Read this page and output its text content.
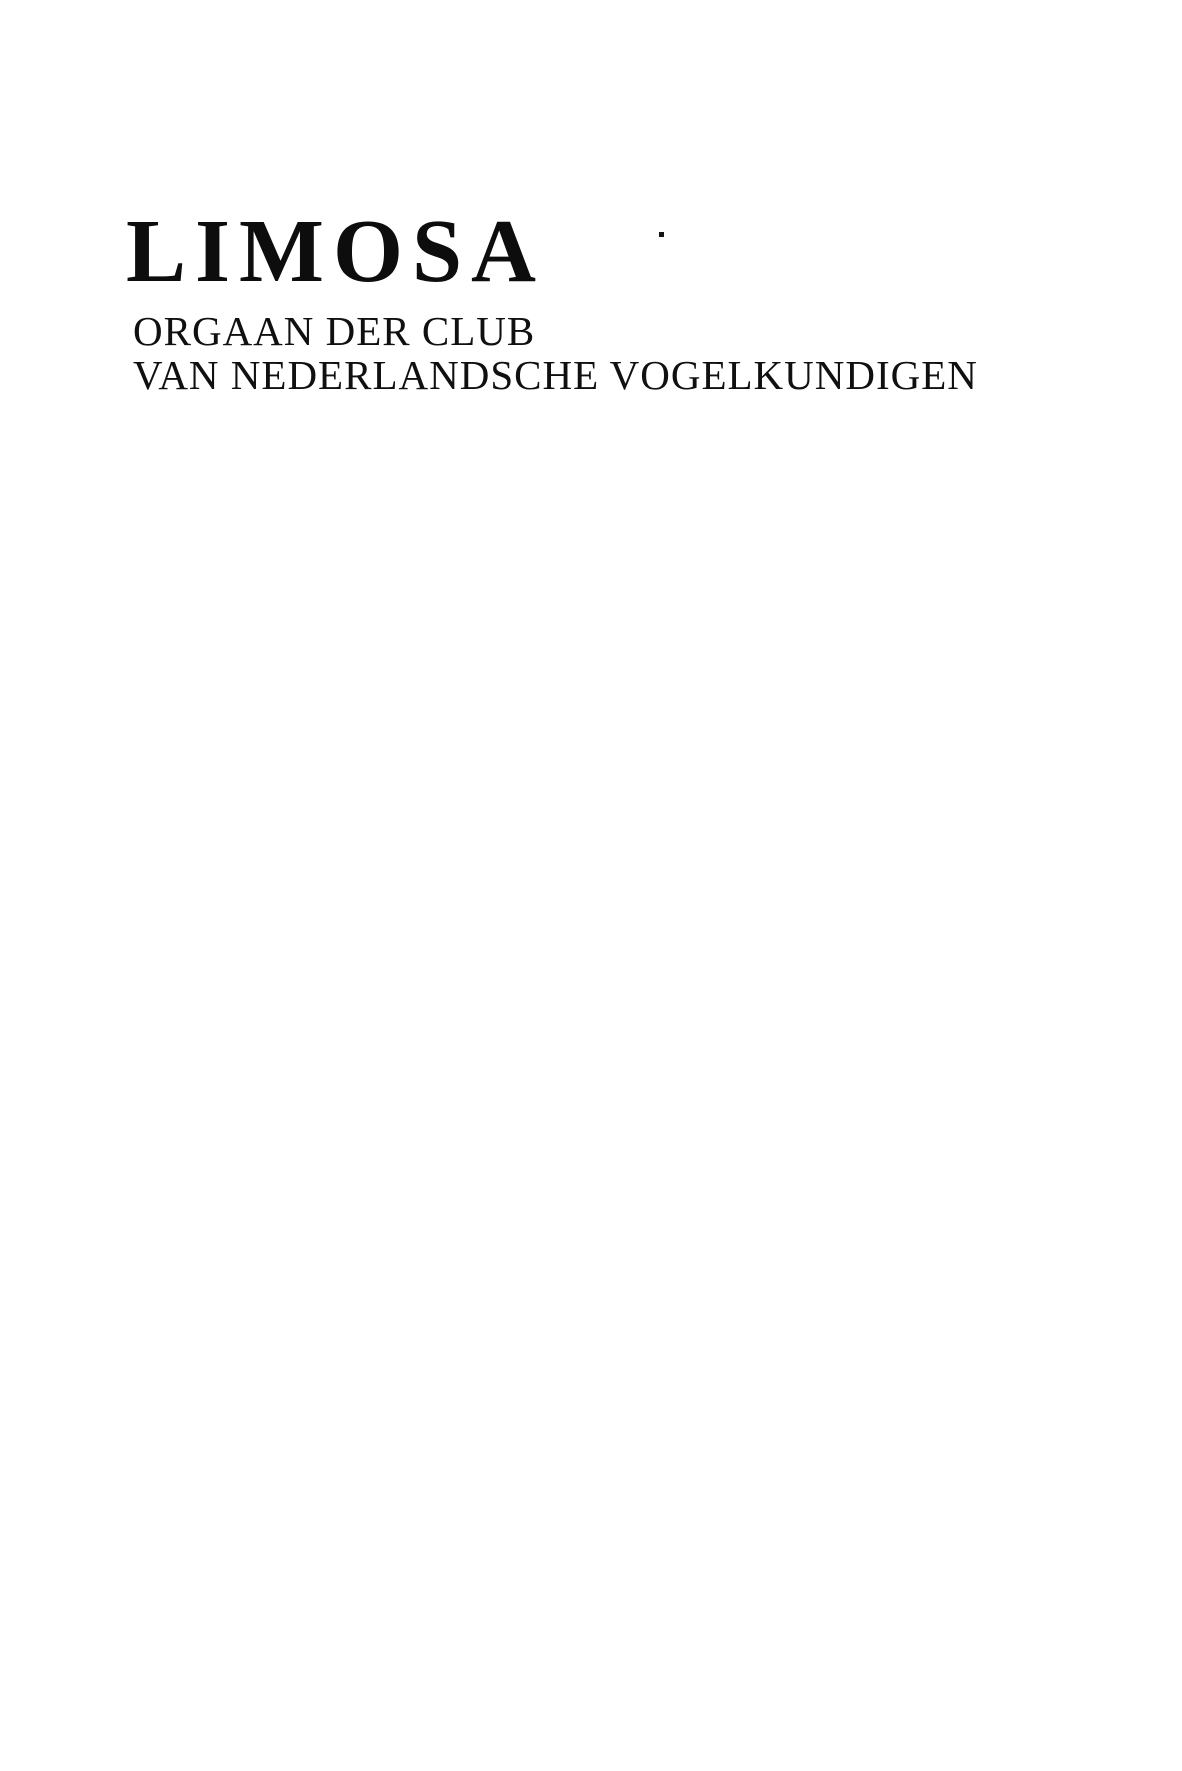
LIMOSA

ORGAAN DER CLUB

VAN NEDERLANDSCHE VOGELKUNDIGEN
